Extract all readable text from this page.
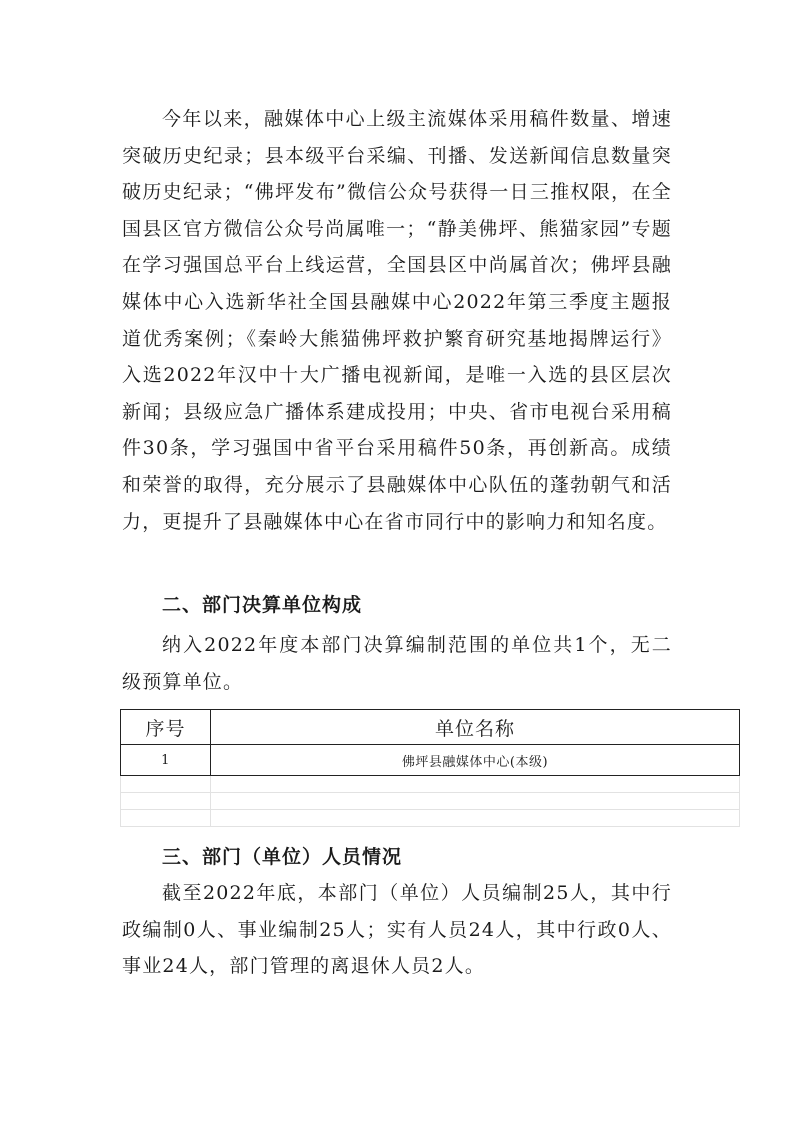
今年以来，融媒体中心上级主流媒体采用稿件数量、增速突破历史纪录；县本级平台采编、刊播、发送新闻信息数量突破历史纪录；“佛坪发布”微信公众号获得一日三推权限，在全国县区官方微信公众号尚属唯一；“静美佛坪、熊猫家园”专题在学习强国总平台上线运营，全国县区中尚属首次；佛坪县融媒体中心入选新华社全国县融媒中心2022年第三季度主题报道优秀案例；《秦岭大熊猫佛坪救护繁育研究基地揭牌运行》入选2022年汉中十大广播电视新闻，是唯一入选的县区层次新闻；县级应急广播体系建成投用；中央、省市电视台采用稿件30条，学习强国中省平台采用稿件50条，再创新高。成绩和荣誉的取得，充分展示了县融媒体中心队伍的蓬勃朝气和活力，更提升了县融媒体中心在省市同行中的影响力和知名度。

二、部门决算单位构成

纳入2022年度本部门决算编制范围的单位共1个，无二级预算单位。

序号	单位名称
1	佛坪县融媒体中心(本级)

三、部门（单位）人员情况

截至2022年底，本部门（单位）人员编制25人，其中行政编制0人、事业编制25人；实有人员24人，其中行政0人、事业24人，部门管理的离退休人员2人。
